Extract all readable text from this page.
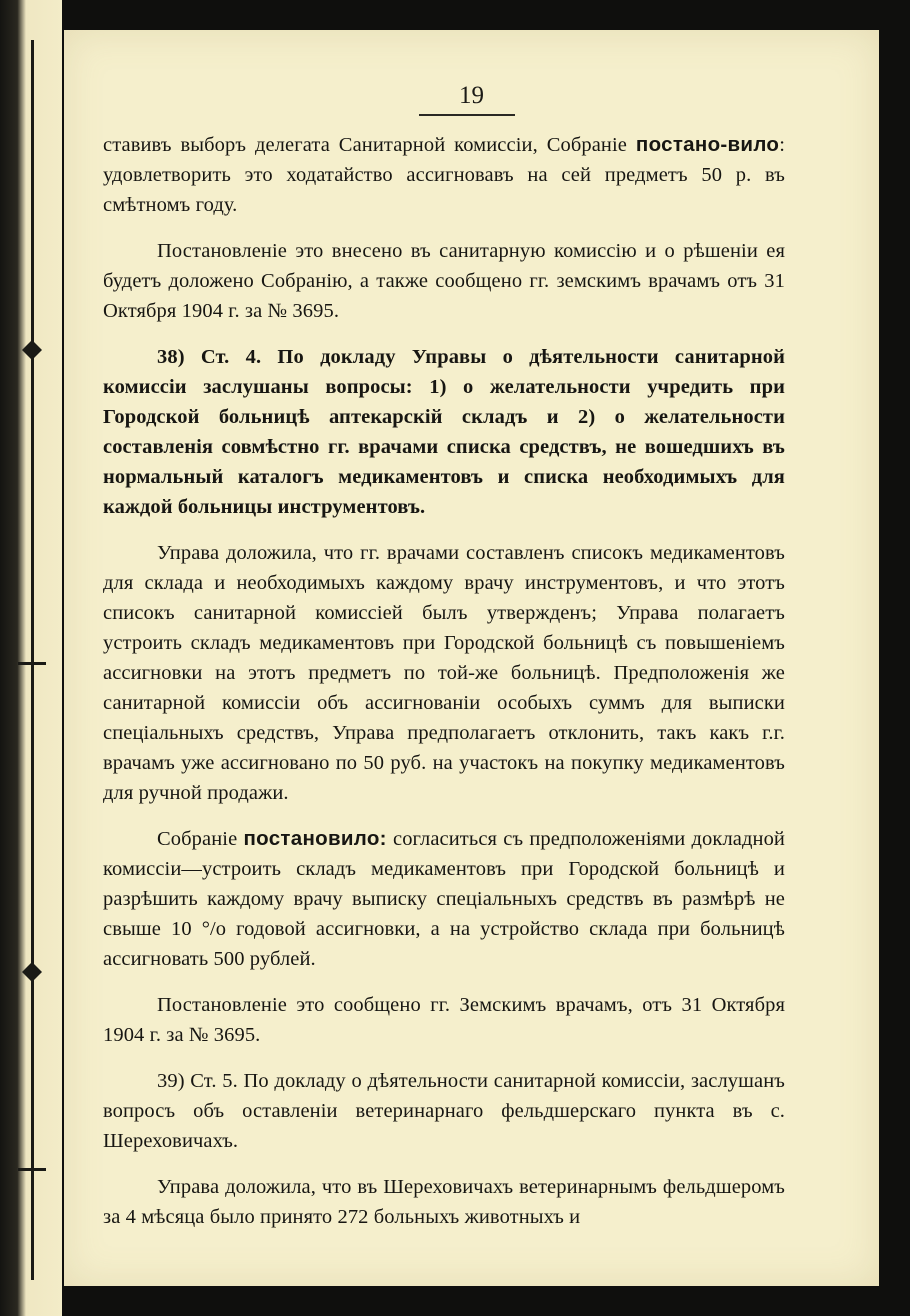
19

ставивъ выборъ делегата Санитарной комиссiи, Собранiе постано-вило: удовлетворить это ходатайство ассигновавъ на сей предметъ 50 р. въ смѣтномъ году.

Постановленiе это внесено въ санитарную комиссiю и о рѣшенiи ея будетъ доложено Собранiю, а также сообщено гг. земскимъ врачамъ отъ 31 Октября 1904 г. за № 3695.

38) Ст. 4. По докладу Управы о дѣятельности санитарной комиссiи заслушаны вопросы: 1) о желательности учредить при Городской больницѣ аптекарскiй складъ и 2) о желательности составленiя совмѣстно гг. врачами списка средствъ, не вошедшихъ въ нормальный каталогъ медикаментовъ и списка необходимыхъ для каждой больницы инструментовъ.

Управа доложила, что гг. врачами составленъ списокъ медикаментовъ для склада и необходимыхъ каждому врачу инструментовъ, и что этотъ списокъ санитарной комиссiей былъ утвержденъ; Управа полагаетъ устроить складъ медикаментовъ при Городской больницѣ съ повышенiемъ ассигновки на этотъ предметъ по той-же больницѣ. Предположенiя же санитарной комиссiи объ ассигнованiи особыхъ суммъ для выписки спецiальныхъ средствъ, Управа предполагаетъ отклонить, такъ какъ г.г. врачамъ уже ассигновано по 50 руб. на участокъ на покупку медикаментовъ для ручной продажи.

Собранiе постановило: согласиться съ предположенiями докладной комиссiи—устроить складъ медикаментовъ при Городской больницѣ и разрѣшить каждому врачу выписку спецiальныхъ средствъ въ размѣрѣ не свыше 10 °/о годовой ассигновки, а на устройство склада при больницѣ ассигновать 500 рублей.

Постановленiе это сообщено гг. Земскимъ врачамъ, отъ 31 Октября 1904 г. за № 3695.

39) Ст. 5. По докладу о дѣятельности санитарной комиссiи, заслушанъ вопросъ объ оставленiи ветеринарнаго фельдшерскаго пункта въ с. Шереховичахъ.

Управа доложила, что въ Шереховичахъ ветеринарнымъ фельдшеромъ за 4 мѣсяца было принято 272 больныхъ животныхъ и
